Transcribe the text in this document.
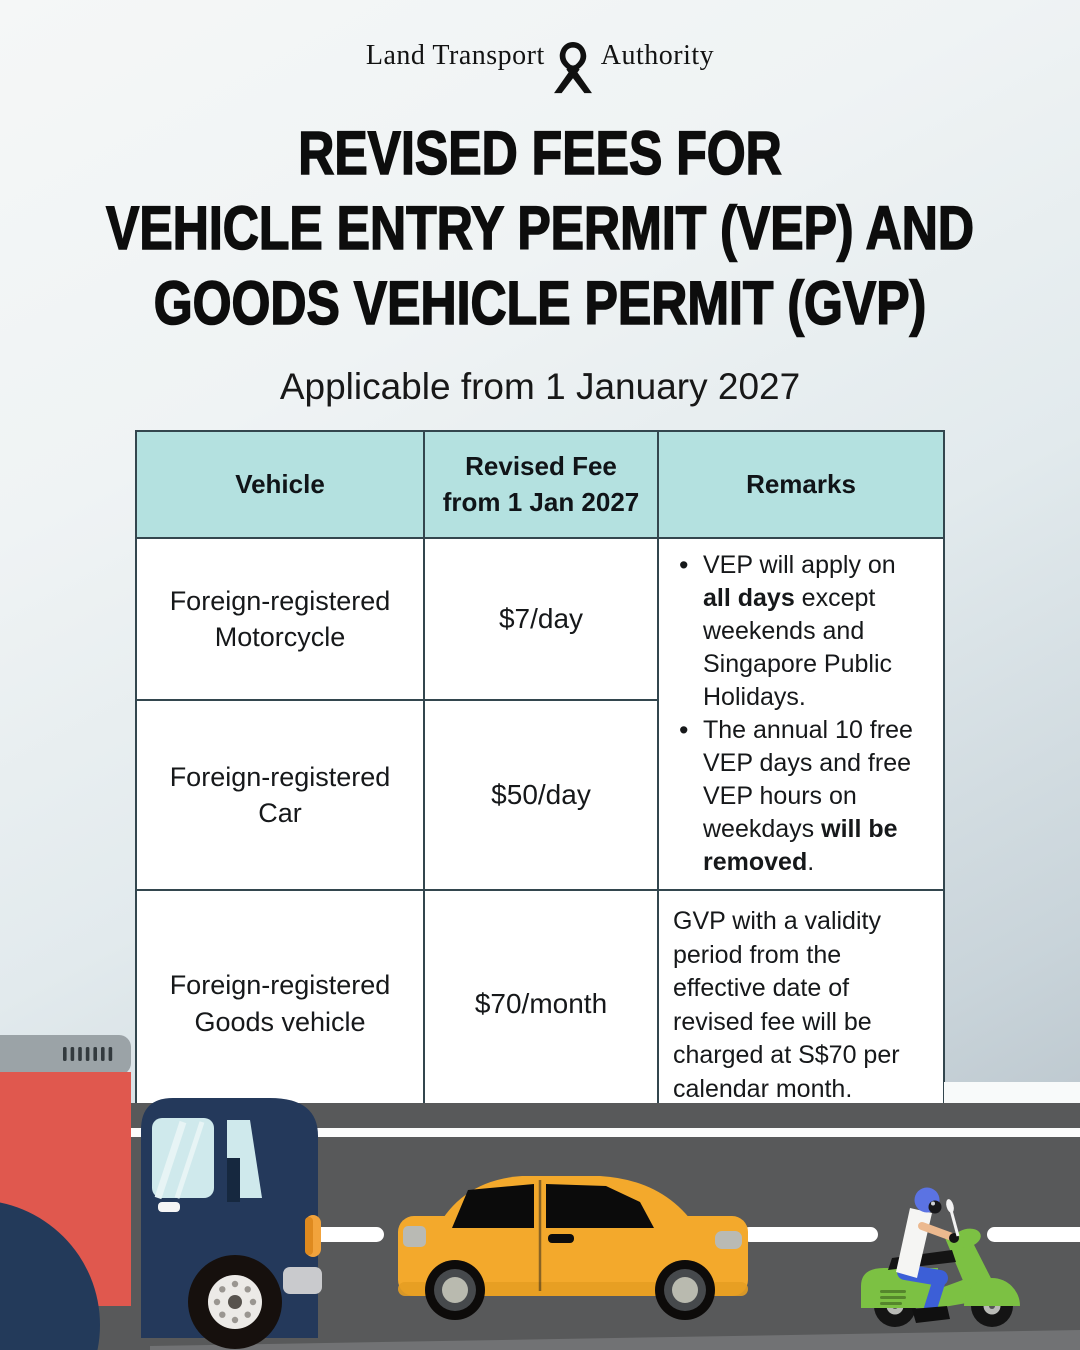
Land Transport Authority
REVISED FEES FOR
VEHICLE ENTRY PERMIT (VEP) AND
GOODS VEHICLE PERMIT (GVP)

Applicable from 1 January 2027

Vehicle	Revised Fee from 1 Jan 2027	Remarks
Foreign-registered Motorcycle	$7/day	
• VEP will apply on all days except weekends and Singapore Public Holidays.
• The annual 10 free VEP days and free VEP hours on weekdays will be removed.

Foreign-registered Car	$50/day	
Foreign-registered Goods vehicle	$70/month	GVP with a validity period from the effective date of revised fee will be charged at S$70 per calendar month.
